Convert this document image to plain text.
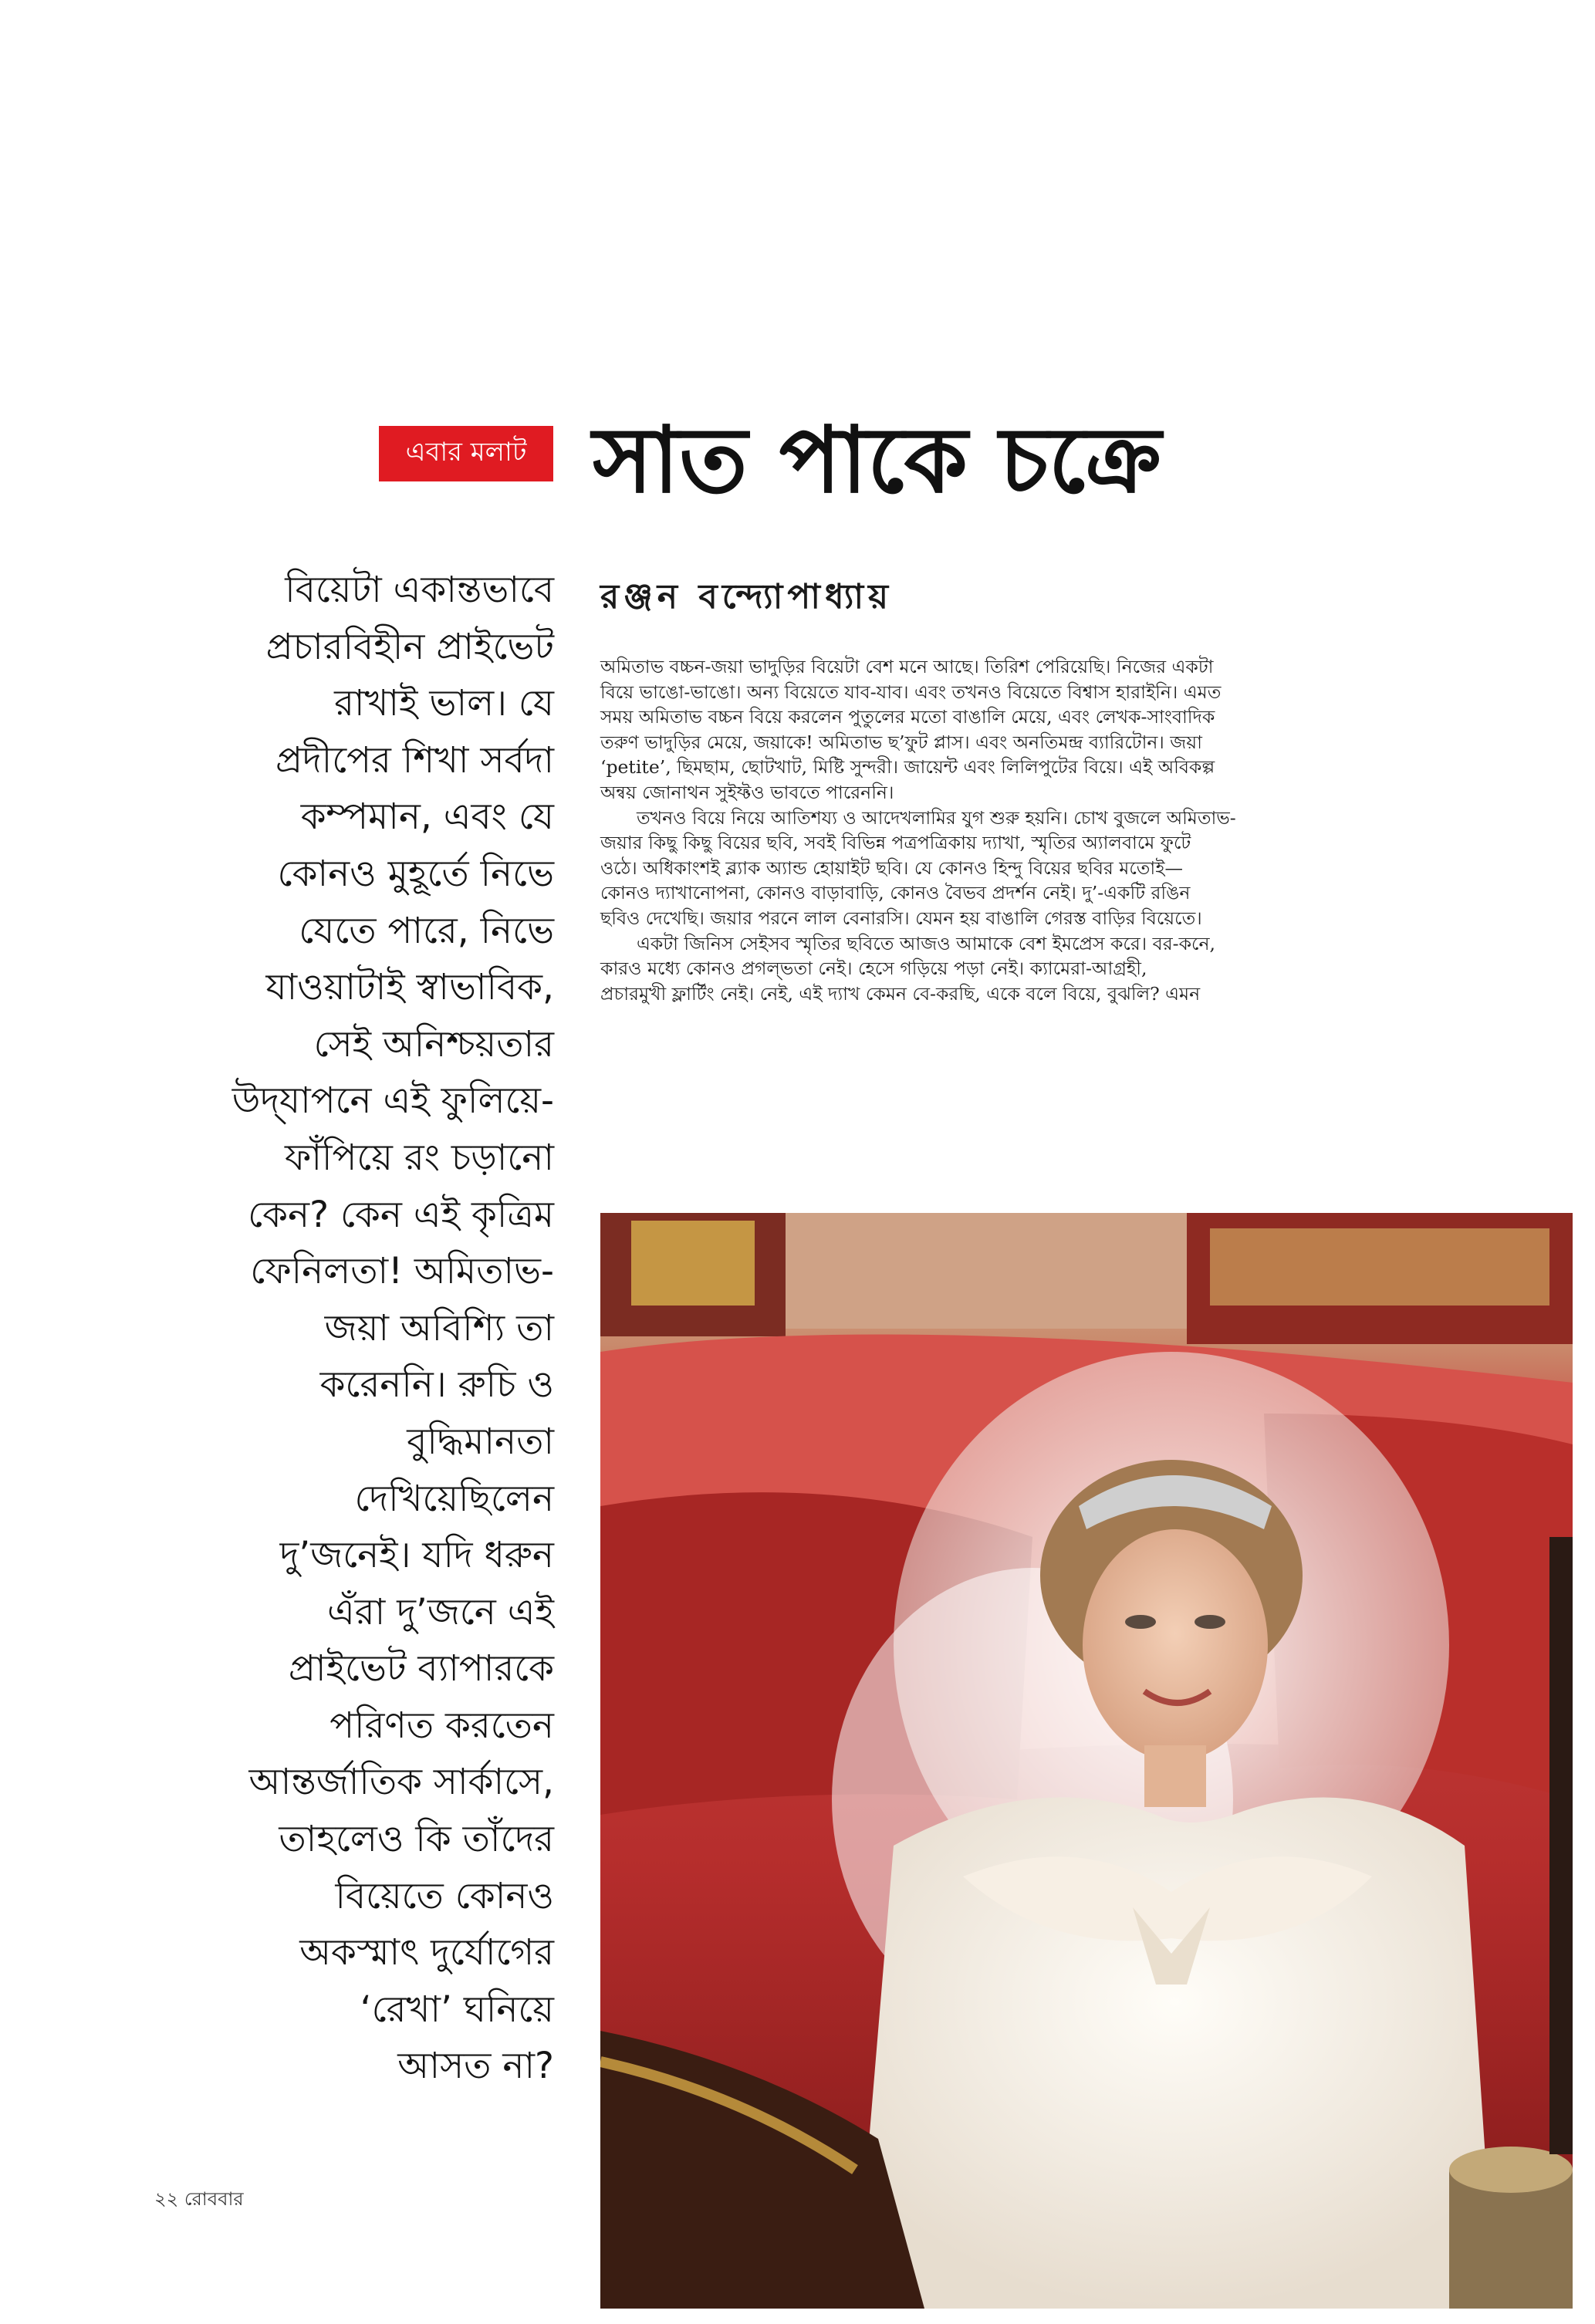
এবার মলাট সাত পাকে চক্রে
বিয়েটা একান্তভাবে
প্রচারবিহীন প্রাইভেট
রাখাই ভাল। যে
প্রদীপের শিখা সর্বদা
কম্পমান, এবং যে
কোনও মুহূর্তে নিভে
যেতে পারে, নিভে
যাওয়াটাই স্বাভাবিক,
সেই অনিশ্চয়তার
উদ্‌যাপনে এই ফুলিয়ে-
ফাঁপিয়ে রং চড়ানো
কেন? কেন এই কৃত্রিম
ফেনিলতা! অমিতাভ-
জয়া অবিশ্যি তা
করেননি। রুচি ও
বুদ্ধিমানতা
দেখিয়েছিলেন
দু’জনেই। যদি ধরুন
এঁরা দু’জনে এই
প্রাইভেট ব্যাপারকে
পরিণত করতেন
আন্তর্জাতিক সার্কাসে,
তাহলেও কি তাঁদের
বিয়েতে কোনও
অকস্মাৎ দুর্যোগের
‘রেখা’ ঘনিয়ে
আসত না?
রঞ্জন বন্দ্যোপাধ্যায়
অমিতাভ বচ্চন-জয়া ভাদুড়ির বিয়েটা বেশ মনে আছে। তিরিশ পেরিয়েছি। নিজের একটা
বিয়ে ভাঙো-ভাঙো। অন্য বিয়েতে যাব-যাব। এবং তখনও বিয়েতে বিশ্বাস হারাইনি। এমত
সময় অমিতাভ বচ্চন বিয়ে করলেন পুতুলের মতো বাঙালি মেয়ে, এবং লেখক-সাংবাদিক
তরুণ ভাদুড়ির মেয়ে, জয়াকে! অমিতাভ ছ’ফুট প্লাস। এবং অনতিমন্দ্র ব্যারিটোন। জয়া
‘petite’, ছিমছাম, ছোটখাট, মিষ্টি সুন্দরী। জায়েন্ট এবং লিলিপুটের বিয়ে। এই অবিকল্প
অন্বয় জোনাথন সুইফ্টও ভাবতে পারেননি।
  তখনও বিয়ে নিয়ে আতিশয্য ও আদেখলামির যুগ শুরু হয়নি। চোখ বুজলে অমিতাভ-
জয়ার কিছু কিছু বিয়ের ছবি, সবই বিভিন্ন পত্রপত্রিকায় দ্যাখা, স্মৃতির অ্যালবামে ফুটে
ওঠে। অধিকাংশই ব্ল্যাক অ্যান্ড হোয়াইট ছবি। যে কোনও হিন্দু বিয়ের ছবির মতোই—
কোনও দ্যাখানোপনা, কোনও বাড়াবাড়ি, কোনও বৈভব প্রদর্শন নেই। দু’-একটি রঙিন
ছবিও দেখেছি। জয়ার পরনে লাল বেনারসি। যেমন হয় বাঙালি গেরস্ত বাড়ির বিয়েতে।
  একটা জিনিস সেইসব স্মৃতির ছবিতে আজও আমাকে বেশ ইমপ্রেস করে। বর-কনে,
কারও মধ্যে কোনও প্রগল্‌ভতা নেই। হেসে গড়িয়ে পড়া নেই। ক্যামেরা-আগ্রহী,
প্রচারমুখী ফ্লার্টিং নেই। নেই, এই দ্যাখ কেমন বে-করছি, একে বলে বিয়ে, বুঝলি? এমন
২২ রোববার
